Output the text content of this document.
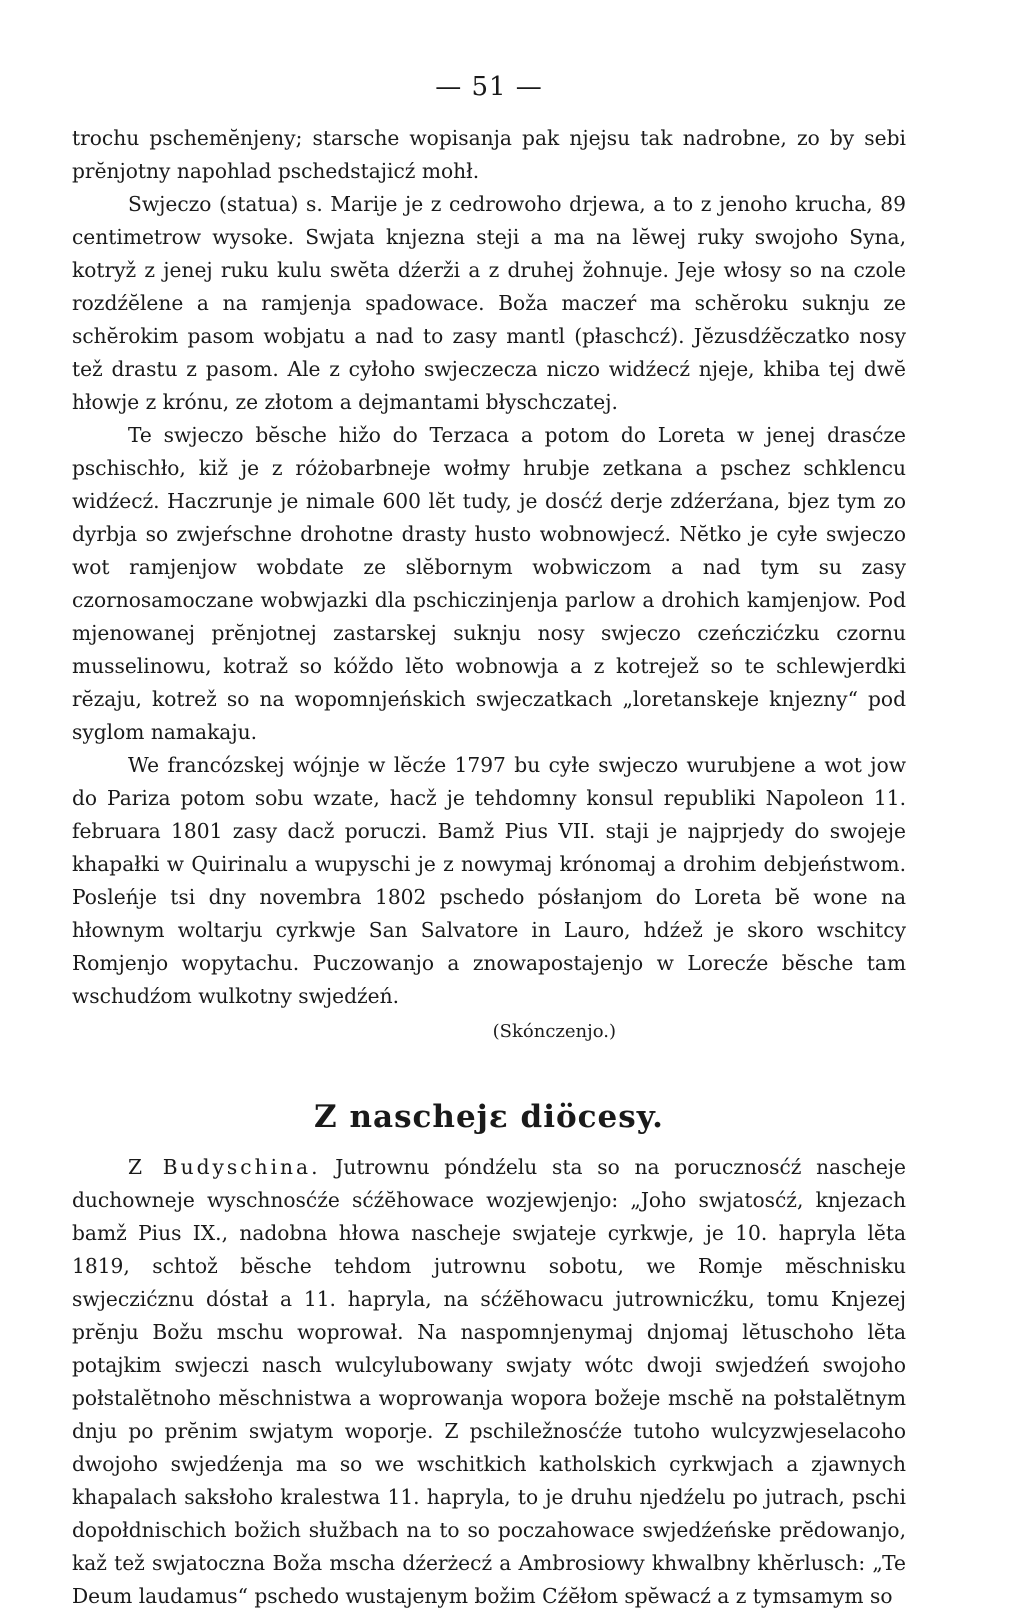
— 51 —

trochu pschemĕnjeny; starsche wopisanja pak njejsu tak nadrobne, zo by sebi prĕnjotny napohlad pschedstajicź mohł.

Swjeczo (statua) s. Marije je z cedrowoho drjewa, a to z jenoho krucha, 89 centimetrow wysoke. Swjata knjezna steji a ma na lĕwej ruky swojoho Syna, kotryž z jenej ruku kulu swĕta dźerži a z druhej žohnuje. Jeje włosy so na czole rozdźĕlene a na ramjenja spadowace. Boža maczeŕ ma schĕroku suknju ze schĕrokim pasom wobjatu a nad to zasy mantl (płaschcź). Jĕzusdźĕczatko nosy tež drastu z pasom. Ale z cyłoho swjeczecza niczo widźecź njeje, khiba tej dwĕ hłowje z krónu, ze złotom a dejmantami błyschczatej.

Te swjeczo bĕsche hižo do Terzaca a potom do Loreta w jenej drasćze pschischło, kiž je z różobarbneje wołmy hrubje zetkana a pschez schklencu widźecź. Haczrunje je nimale 600 lĕt tudy, je dosćź derje zdźerźana, bjez tym zo dyrbja so zwjeŕschne drohotne drasty husto wobnowjecź. Nĕtko je cyłe swjeczo wot ramjenjow wobdate ze slĕbornym wobwiczom a nad tym su zasy czornosamoczane wobwjazki dla pschiczinjenja parlow a drohich kamjenjow. Pod mjenowanej prĕnjotnej zastarskej suknju nosy swjeczo czeńczićzku czornu musselinowu, kotraž so kóždo lĕto wobnowja a z kotrejež so te schlewjerdki rĕzaju, kotrež so na wopomnjeńskich swjeczatkach „loretanskeje knjezny“ pod syglom namakaju.

We francózskej wójnje w lĕcźe 1797 bu cyłe swjeczo wurubjene a wot jow do Pariza potom sobu wzate, hacž je tehdomny konsul republiki Napoleon 11. februara 1801 zasy dacž poruczi. Bamž Pius VII. staji je najprjedy do swojeje khapałki w Quirinalu a wupyschi je z nowymaj krónomaj a drohim debjeństwom. Posleńje tsi dny novembra 1802 pschedo pósłanjom do Loreta bĕ wone na hłownym woltarju cyrkwje San Salvatore in Lauro, hdźež je skoro wschitcy Romjenjo wopytachu. Puczowanjo a znowapostajenjo w Lorecźe bĕsche tam wschudźom wulkotny swjedźeń.

(Skónczenjo.)
Z naschejε diöcesy.

Z Budyschina. Jutrownu póndźelu sta so na porucznosćź nascheje duchowneje wyschnosćźe sćźĕhowace wozjewjenjo: „Joho swjatosćź, knjezach bamž Pius IX., nadobna hłowa nascheje swjateje cyrkwje, je 10. hapryla lĕta 1819, schtož bĕsche tehdom jutrownu sobotu, we Romje mĕschnisku swjeczićznu dóstał a 11. hapryla, na sćźĕhowacu jutrownicźku, tomu Knjezej prĕnju Božu mschu woprował. Na naspomnjenymaj dnjomaj lĕtuschoho lĕta potajkim swjeczi nasch wulcylubowany swjaty wótc dwoji swjedźeń swojoho połstalĕtnoho mĕschnistwa a woprowanja wopora božeje mschĕ na połstalĕtnym dnju po prĕnim swjatym woporje. Z pschiležnosćźe tutoho wulcyzwjeselacoho dwojoho swjedźenja ma so we wschitkich katholskich cyrkwjach a zjawnych khapalach saksłoho kralestwa 11. hapryla, to je druhu njedźelu po jutrach, pschi dopołdnischich božich słužbach na to so poczahowace swjedźeńske prĕdowanjo, kaž tež swjatoczna Boža mscha dźerżecź a Ambrosiowy khwalbny khĕrlusch: „Te Deum laudamus“ pschedo wustajenym božim Cźĕłom spĕwacź a z tymsamym so
